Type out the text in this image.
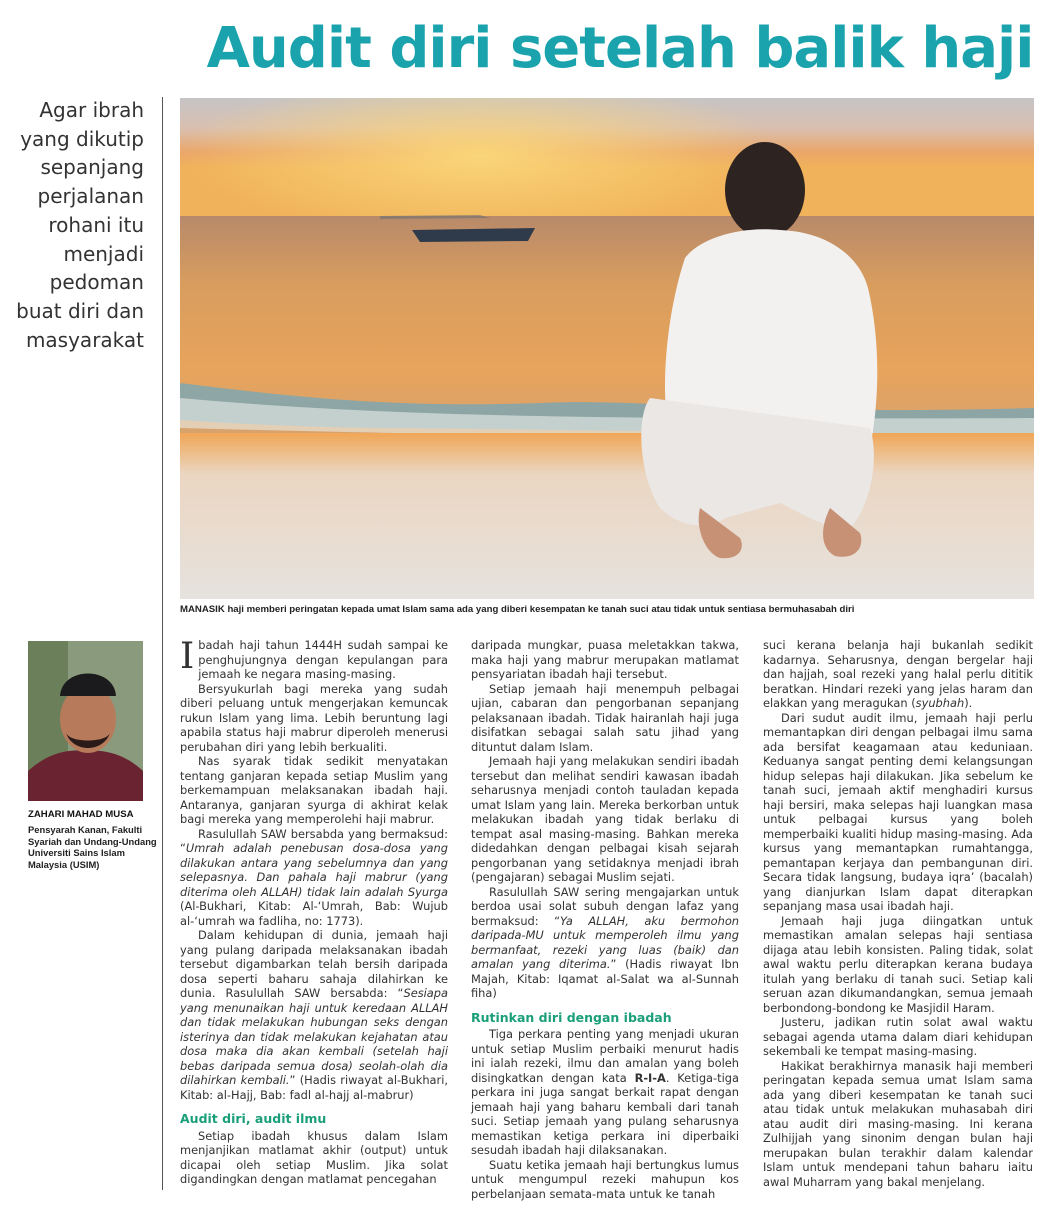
Audit diri setelah balik haji
Agar ibrah
yang dikutip
sepanjang
perjalanan
rohani itu
menjadi
pedoman
buat diri dan
masyarakat
MANASIK haji memberi peringatan kepada umat Islam sama ada yang diberi kesempatan ke tanah suci atau tidak untuk sentiasa bermuhasabah diri
ZAHARI MAHAD MUSA
Pensyarah Kanan, Fakulti Syariah dan Undang-Undang Universiti Sains Islam Malaysia (USIM)

Ibadah haji tahun 1444H sudah sampai ke penghujungnya dengan kepulangan para jemaah ke negara masing-masing.

Bersyukurlah bagi mereka yang sudah diberi peluang untuk mengerjakan kemuncak rukun Islam yang lima. Lebih beruntung lagi apabila status haji mabrur diperoleh menerusi perubahan diri yang lebih berkualiti.

Nas syarak tidak sedikit menyatakan tentang ganjaran kepada setiap Muslim yang berkemampuan melaksanakan ibadah haji. Antaranya, ganjaran syurga di akhirat kelak bagi mereka yang memperolehi haji mabrur.

Rasulullah SAW bersabda yang bermaksud: “Umrah adalah penebusan dosa-dosa yang dilakukan antara yang sebelumnya dan yang selepasnya. Dan pahala haji mabrur (yang diterima oleh ALLAH) tidak lain adalah Syurga (Al-Bukhari, Kitab: Al-‘Umrah, Bab: Wujub al-‘umrah wa fadliha, no: 1773).

Dalam kehidupan di dunia, jemaah haji yang pulang daripada melaksanakan ibadah tersebut digambarkan telah bersih daripada dosa seperti baharu sahaja dilahirkan ke dunia. Rasulullah SAW bersabda: “Sesiapa yang menunaikan haji untuk keredaan ALLAH dan tidak melakukan hubungan seks dengan isterinya dan tidak melakukan kejahatan atau dosa maka dia akan kembali (setelah haji bebas daripada semua dosa) seolah-olah dia dilahirkan kembali.” (Hadis riwayat al-Bukhari, Kitab: al-Hajj, Bab: fadl al-hajj al-mabrur)

Audit diri, audit ilmu

Setiap ibadah khusus dalam Islam menjanjikan matlamat akhir (output) untuk dicapai oleh setiap Muslim. Jika solat digandingkan dengan matlamat pencegahan

daripada mungkar, puasa meletakkan takwa, maka haji yang mabrur merupakan matlamat pensyariatan ibadah haji tersebut.

Setiap jemaah haji menempuh pelbagai ujian, cabaran dan pengorbanan sepanjang pelaksanaan ibadah. Tidak hairanlah haji juga disifatkan sebagai salah satu jihad yang dituntut dalam Islam.

Jemaah haji yang melakukan sendiri ibadah tersebut dan melihat sendiri kawasan ibadah seharusnya menjadi contoh tauladan kepada umat Islam yang lain. Mereka berkorban untuk melakukan ibadah yang tidak berlaku di tempat asal masing-masing. Bahkan mereka didedahkan dengan pelbagai kisah sejarah pengorbanan yang setidaknya menjadi ibrah (pengajaran) sebagai Muslim sejati.

Rasulullah SAW sering mengajarkan untuk berdoa usai solat subuh dengan lafaz yang bermaksud: “Ya ALLAH, aku bermohon daripada-MU untuk memperoleh ilmu yang bermanfaat, rezeki yang luas (baik) dan amalan yang diterima.” (Hadis riwayat Ibn Majah, Kitab: Iqamat al-Salat wa al-Sunnah fiha)

Rutinkan diri dengan ibadah

Tiga perkara penting yang menjadi ukuran untuk setiap Muslim perbaiki menurut hadis ini ialah rezeki, ilmu dan amalan yang boleh disingkatkan dengan kata R-I-A. Ketiga-tiga perkara ini juga sangat berkait rapat dengan jemaah haji yang baharu kembali dari tanah suci. Setiap jemaah yang pulang seharusnya memastikan ketiga perkara ini diperbaiki sesudah ibadah haji dilaksanakan.

Suatu ketika jemaah haji bertungkus lumus untuk mengumpul rezeki mahupun kos perbelanjaan semata-mata untuk ke tanah

suci kerana belanja haji bukanlah sedikit kadarnya. Seharusnya, dengan bergelar haji dan hajjah, soal rezeki yang halal perlu dititik beratkan. Hindari rezeki yang jelas haram dan elakkan yang meragukan (syubhah).

Dari sudut audit ilmu, jemaah haji perlu memantapkan diri dengan pelbagai ilmu sama ada bersifat keagamaan atau keduniaan. Keduanya sangat penting demi kelangsungan hidup selepas haji dilakukan. Jika sebelum ke tanah suci, jemaah aktif menghadiri kursus haji bersiri, maka selepas haji luangkan masa untuk pelbagai kursus yang boleh memperbaiki kualiti hidup masing-masing. Ada kursus yang memantapkan rumahtangga, pemantapan kerjaya dan pembangunan diri. Secara tidak langsung, budaya iqra’ (bacalah) yang dianjurkan Islam dapat diterapkan sepanjang masa usai ibadah haji.

Jemaah haji juga diingatkan untuk memastikan amalan selepas haji sentiasa dijaga atau lebih konsisten. Paling tidak, solat awal waktu perlu diterapkan kerana budaya itulah yang berlaku di tanah suci. Setiap kali seruan azan dikumandangkan, semua jemaah berbondong-bondong ke Masjidil Haram.

Justeru, jadikan rutin solat awal waktu sebagai agenda utama dalam diari kehidupan sekembali ke tempat masing-masing.

Hakikat berakhirnya manasik haji memberi peringatan kepada semua umat Islam sama ada yang diberi kesempatan ke tanah suci atau tidak untuk melakukan muhasabah diri atau audit diri masing-masing. Ini kerana Zulhijjah yang sinonim dengan bulan haji merupakan bulan terakhir dalam kalendar Islam untuk mendepani tahun baharu iaitu awal Muharram yang bakal menjelang.
